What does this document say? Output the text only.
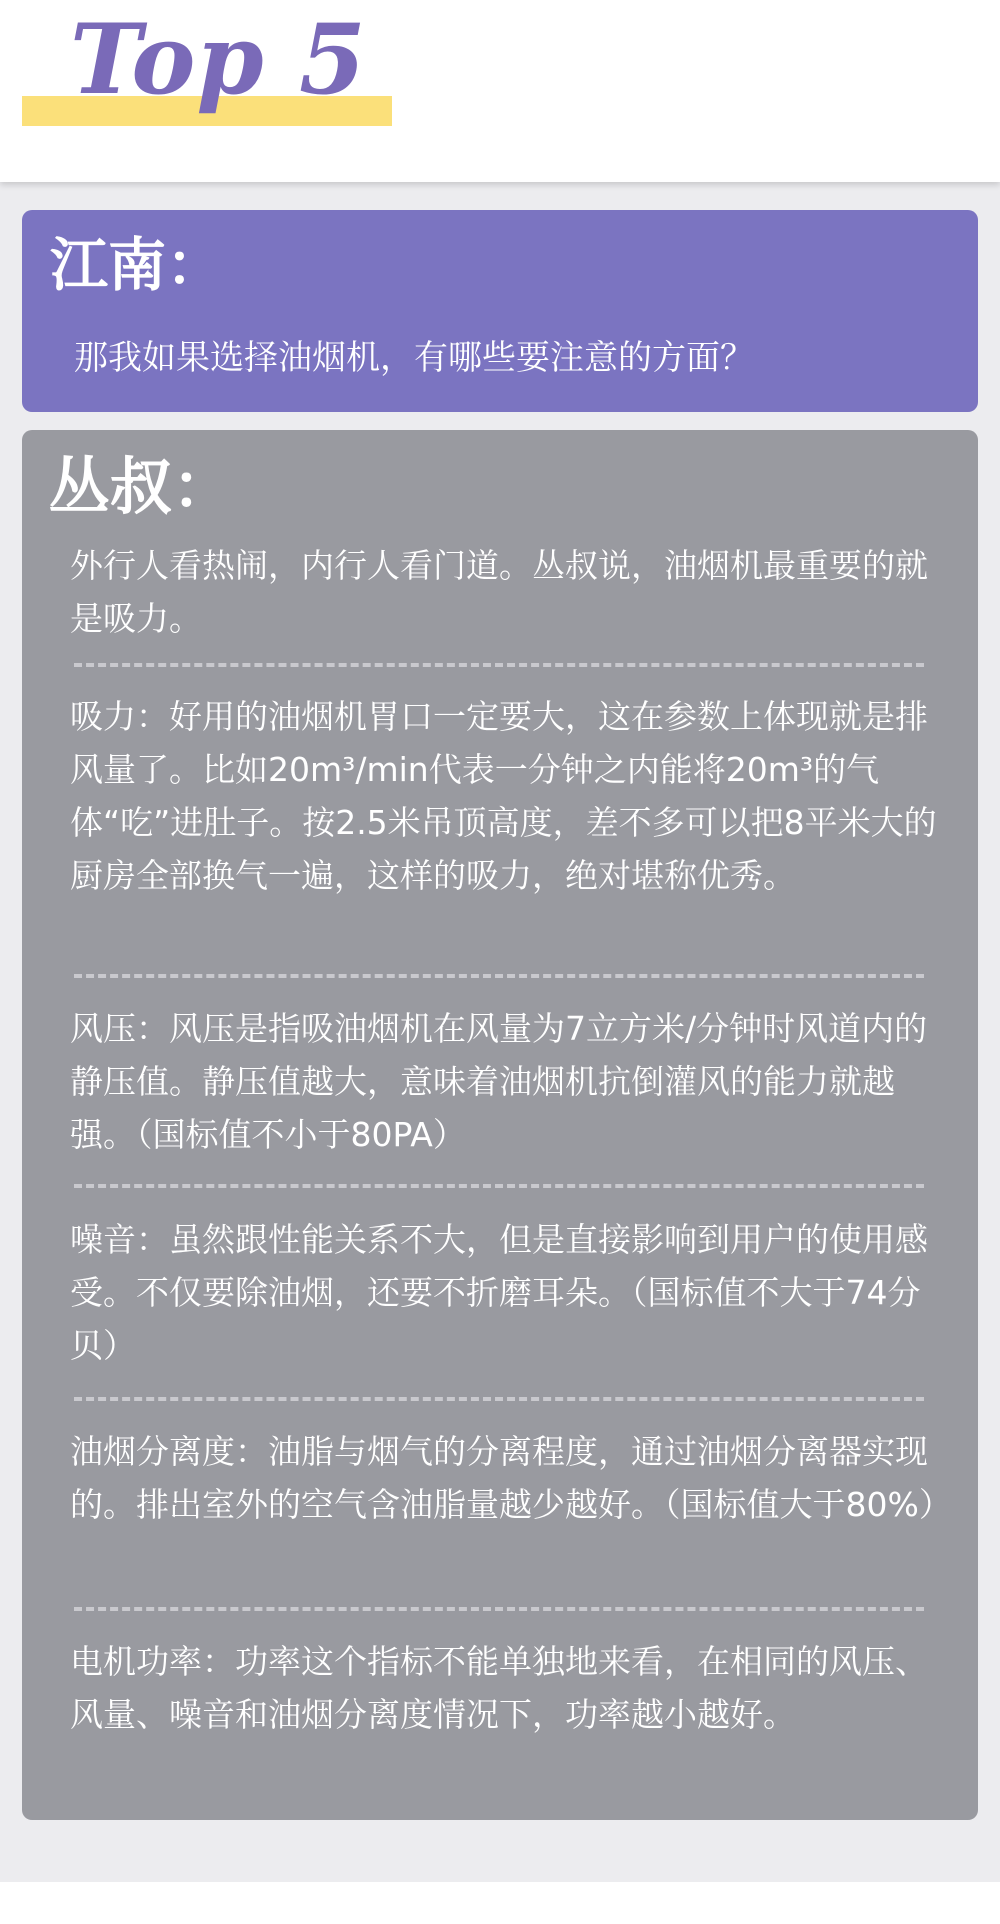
Top 5
江南：
那我如果选择油烟机，有哪些要注意的方面？
丛叔：

外行人看热闹，内行人看门道。丛叔说，油烟机最重要的就是吸力。

吸力：好用的油烟机胃口一定要大，这在参数上体现就是排风量了。比如20m³/min代表一分钟之内能将20m³的气体“吃”进肚子。按2.5米吊顶高度，差不多可以把8平米大的厨房全部换气一遍，这样的吸力，绝对堪称优秀。

风压：风压是指吸油烟机在风量为7立方米/分钟时风道内的静压值。静压值越大，意味着油烟机抗倒灌风的能力就越强。（国标值不小于80PA）

噪音：虽然跟性能关系不大，但是直接影响到用户的使用感受。不仅要除油烟，还要不折磨耳朵。（国标值不大于74分贝）

油烟分离度：油脂与烟气的分离程度，通过油烟分离器实现的。排出室外的空气含油脂量越少越好。（国标值大于80%）

电机功率：功率这个指标不能单独地来看，在相同的风压、风量、噪音和油烟分离度情况下，功率越小越好。
